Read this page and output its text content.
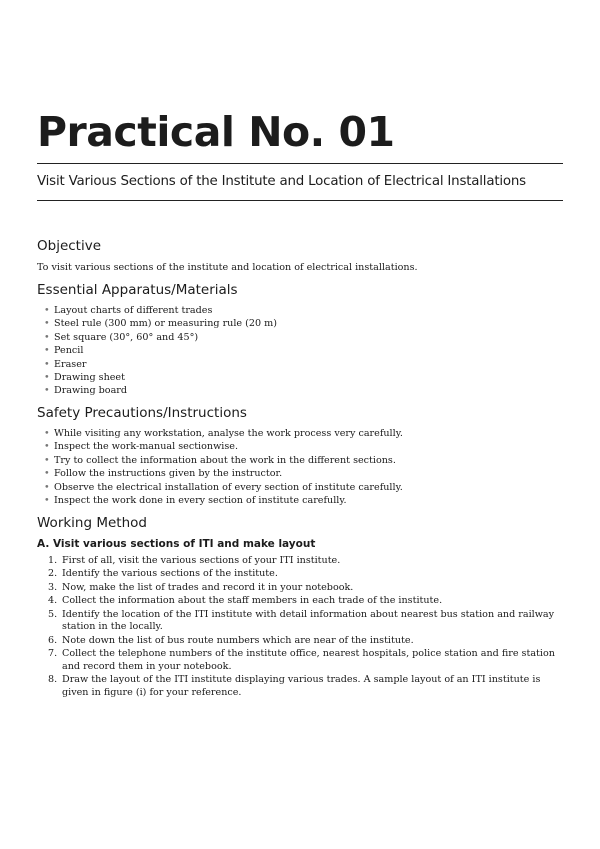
Practical No. 01
Visit Various Sections of the Institute and Location of Electrical Installations
Objective

To visit various sections of the institute and location of electrical installations.

Essential Apparatus/Materials
• Layout charts of different trades
• Steel rule (300 mm) or measuring rule (20 m)
• Set square (30°, 60° and 45°)
• Pencil
• Eraser
• Drawing sheet
• Drawing board
Safety Precautions/Instructions
• While visiting any workstation, analyse the work process very carefully.
• Inspect the work-manual sectionwise.
• Try to collect the information about the work in the different sections.
• Follow the instructions given by the instructor.
• Observe the electrical installation of every section of institute carefully.
• Inspect the work done in every section of institute carefully.
Working Method
A. Visit various sections of ITI and make layout
1. First of all, visit the various sections of your ITI institute.
2. Identify the various sections of the institute.
3. Now, make the list of trades and record it in your notebook.
4. Collect the information about the staff members in each trade of the institute.
5. Identify the location of the ITI institute with detail information about nearest bus station and railway station in the locally.
6. Note down the list of bus route numbers which are near of the institute.
7. Collect the telephone numbers of the institute office, nearest hospitals, police station and fire station and record them in your notebook.
8. Draw the layout of the ITI institute displaying various trades. A sample layout of an ITI institute is given in figure (i) for your reference.
